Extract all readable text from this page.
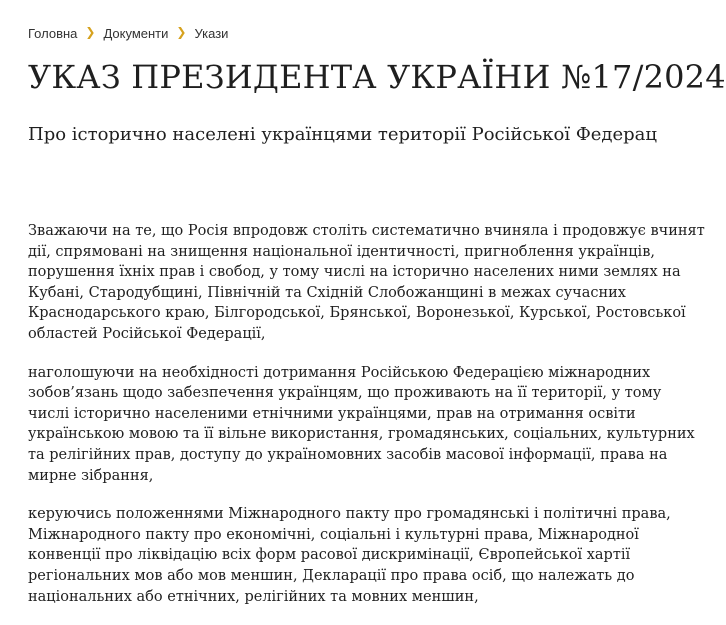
Головна ❯ Документи ❯ Укази
УКАЗ ПРЕЗИДЕНТА УКРАЇНИ №17/2024
Про історично населені українцями території Російської Федерац

Зважаючи на те, що Росія впродовж століть систематично вчиняла і продовжує вчинят
дії, спрямовані на знищення національної ідентичності, пригноблення українців,
порушення їхніх прав і свобод, у тому числі на історично населених ними землях на
Кубані, Стародубщині, Північній та Східній Слобожанщині в межах сучасних
Краснодарського краю, Білгородської, Брянської, Воронезької, Курської, Ростовської
областей Російської Федерації,

наголошуючи на необхідності дотримання Російською Федерацією міжнародних
зобов’язань щодо забезпечення українцям, що проживають на її території, у тому
числі історично населеними етнічними українцями, прав на отримання освіти
українською мовою та її вільне використання, громадянських, соціальних, культурних
та релігійних прав, доступу до україномовних засобів масової інформації, права на
мирне зібрання,

керуючись положеннями Міжнародного пакту про громадянські і політичні права,
Міжнародного пакту про економічні, соціальні і культурні права, Міжнародної
конвенції про ліквідацію всіх форм расової дискримінації, Європейської хартії
регіональних мов або мов меншин, Декларації про права осіб, що належать до
національних або етнічних, релігійних та мовних меншин,
